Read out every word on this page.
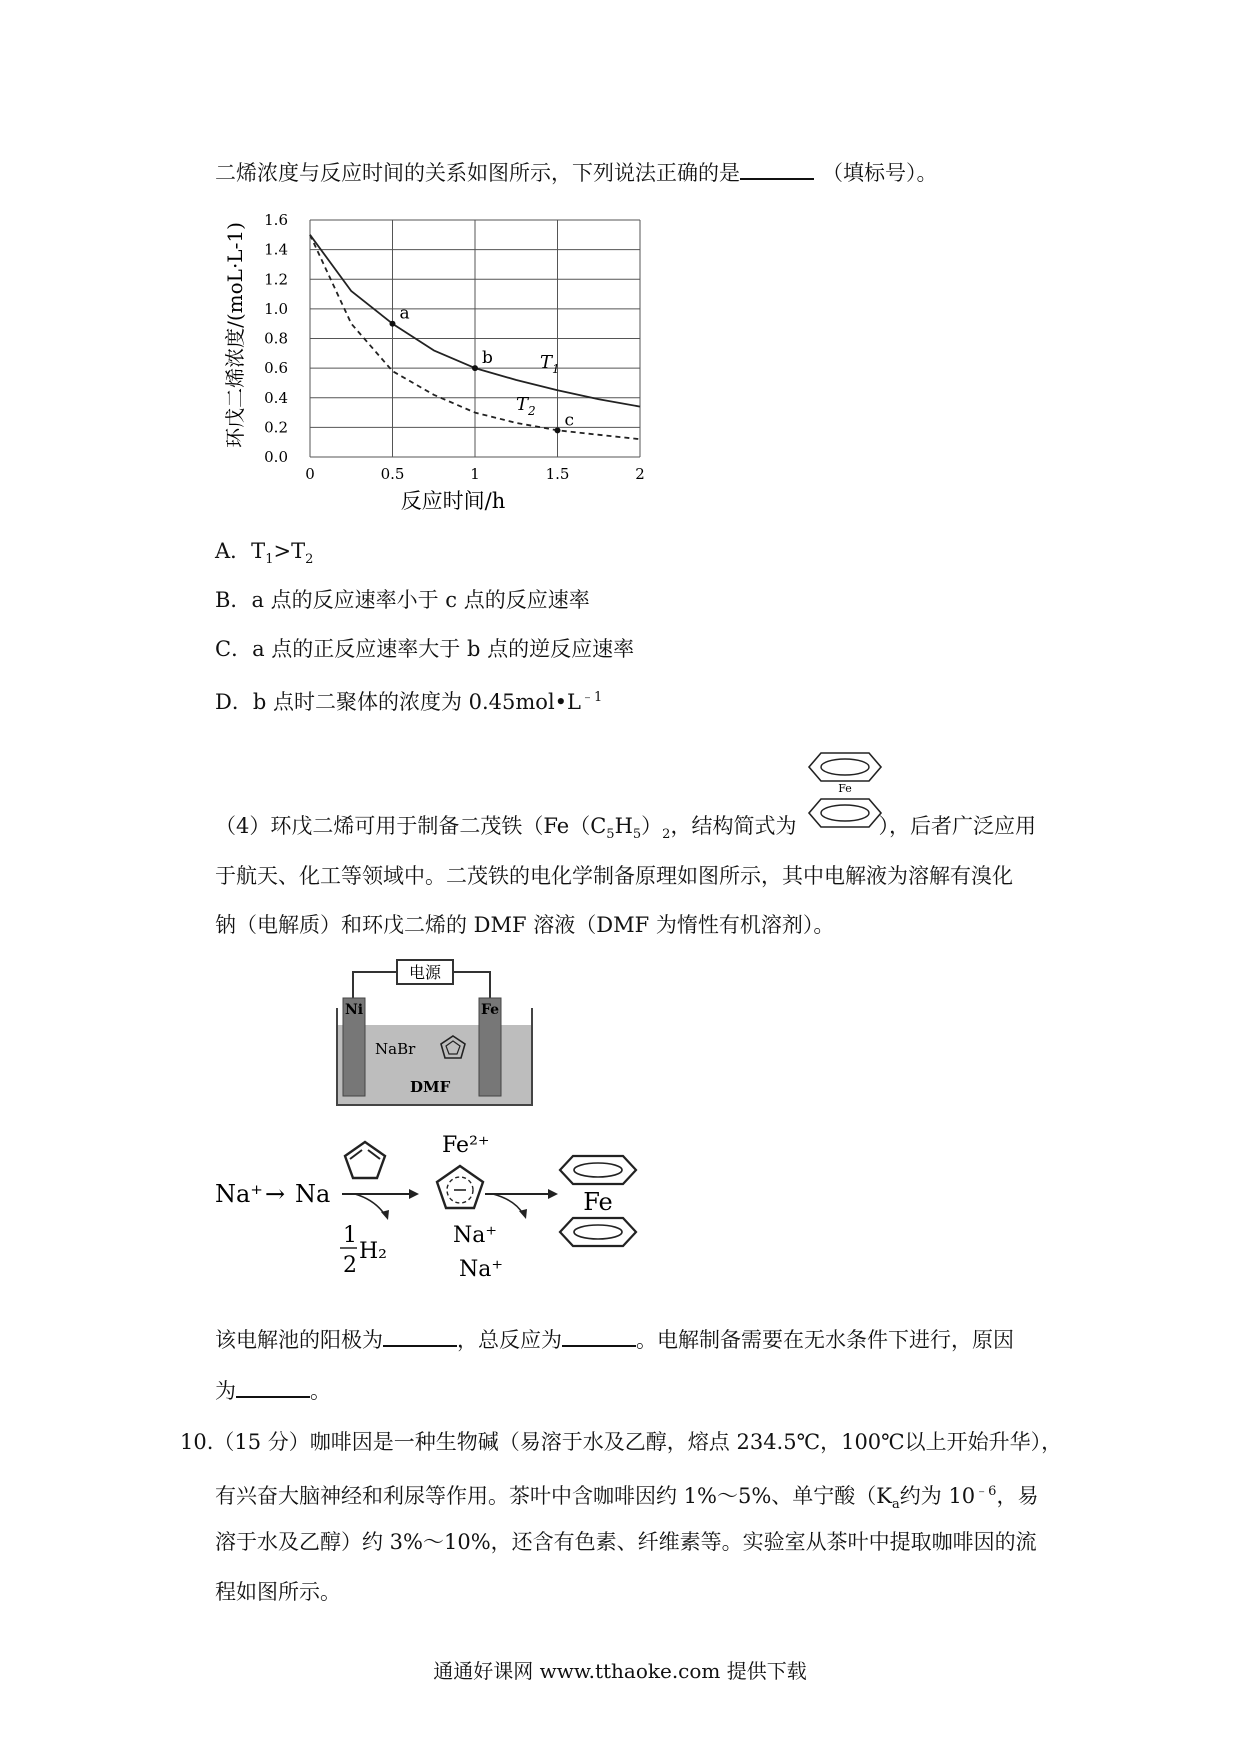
二烯浓度与反应时间的关系如图所示，下列说法正确的是	（填标号）。
a
b
c
0	0.5	1	1.5	2
0.0
0.2
0.4
0.6
0.8
1.0
1.2
1.4
1.6
反应时间/h
环戊二烯浓度/(moL·L-1)	$T_1$
$T_2$
A．$T_1>T_2$
B．a 点的反应速率小于 c 点的反应速率
C．a 点的正反应速率大于 b 点的逆反应速率
D．b 点时二聚体的浓度为 $0.45mol•L^{﹣1}$
（4）环戊二烯可用于制备二茂铁（$Fe(C_5H_5)_2$，结构简式为	），后者广泛应用
Fe
于航天、化工等领域中。二茂铁的电化学制备原理如图所示，其中电解液为溶解有溴化
钠（电解质）和环戊二烯的 DMF 溶液（DMF 为惰性有机溶剂）。
电源
Ni	Fe
NaBr
DMF
Na⁺ → Na
1
2
H₂
Na⁺
Fe²⁺
Na⁺
Fe
该电解池的阳极为	，总反应为	。电解制备需要在无水条件下进行，原因
为	。
10.（15 分）咖啡因是一种生物碱（易溶于水及乙醇，熔点 234.5℃，100℃以上开始升华），
有兴奋大脑神经和利尿等作用。茶叶中含咖啡因约 1%～5%、单宁酸（$K_a$约为 $10^{﹣6}$，易
溶于水及乙醇）约 3%～10%，还含有色素、纤维素等。实验室从茶叶中提取咖啡因的流
程如图所示。
通通好课网 www.tthaoke.com 提供下载
